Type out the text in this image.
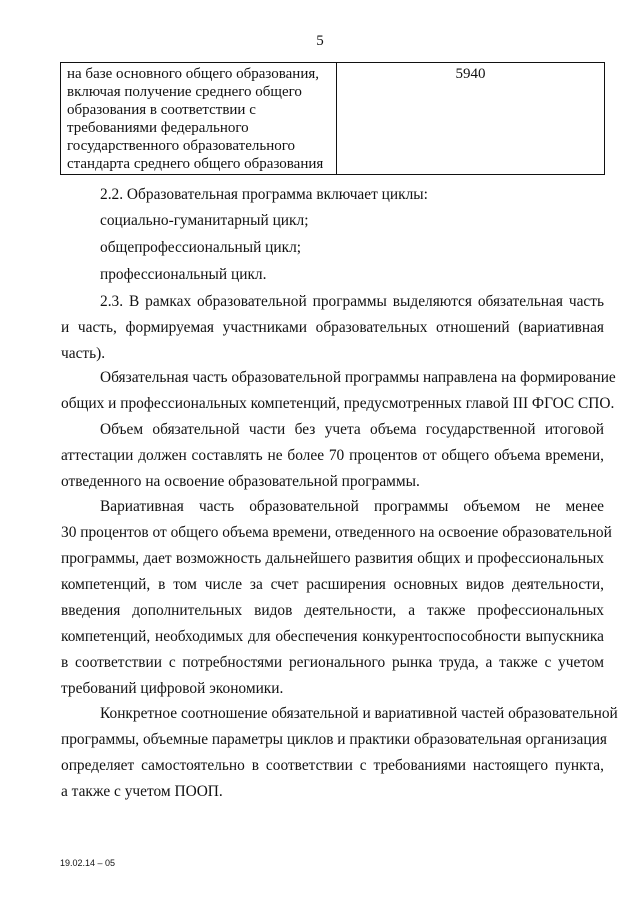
5
на базе основного общего образования,
включая получение среднего общего
образования в соответствии с
требованиями федерального
государственного образовательного
стандарта среднего общего образования
	5940
2.2. Образовательная программа включает циклы:
социально-гуманитарный цикл;
общепрофессиональный цикл;
профессиональный цикл.
2.3. В рамках образовательной программы выделяются обязательная часть
и часть, формируемая участниками образовательных отношений (вариативная
часть).
Обязательная часть образовательной программы направлена на формирование
общих и профессиональных компетенций, предусмотренных главой III ФГОС СПО.
Объем обязательной части без учета объема государственной итоговой
аттестации должен составлять не более 70 процентов от общего объема времени,
отведенного на освоение образовательной программы.
Вариативная часть образовательной программы объемом не менее
30 процентов от общего объема времени, отведенного на освоение образовательной
программы, дает возможность дальнейшего развития общих и профессиональных
компетенций, в том числе за счет расширения основных видов деятельности,
введения дополнительных видов деятельности, а также профессиональных
компетенций, необходимых для обеспечения конкурентоспособности выпускника
в соответствии с потребностями регионального рынка труда, а также с учетом
требований цифровой экономики.
Конкретное соотношение обязательной и вариативной частей образовательной
программы, объемные параметры циклов и практики образовательная организация
определяет самостоятельно в соответствии с требованиями настоящего пункта,
а также с учетом ПООП.
19.02.14 – 05
